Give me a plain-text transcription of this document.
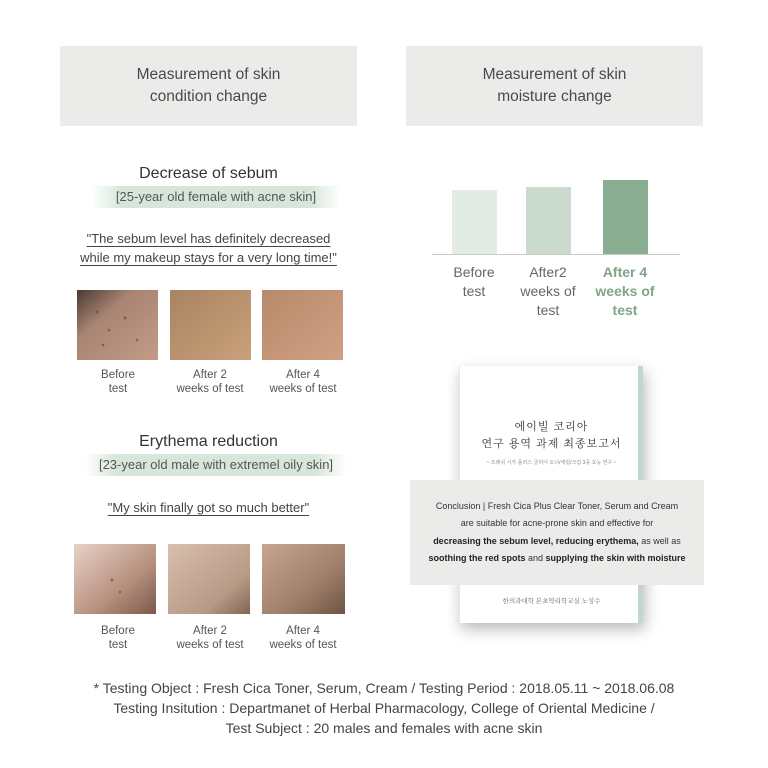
Measurement of skin
condition change
Measurement of skin
moisture change
Decrease of sebum
[25-year old female with acne skin]
"The sebum level has definitely decreased
while my makeup stays for a very long time!"
Before
test
After 2
weeks of test
After 4
weeks of test
Erythema reduction
[23-year old male with extremel oily skin]
"My skin finally got so much better"
Before
test
After 2
weeks of test
After 4
weeks of test
Before
test
After2
weeks of
test
After 4
weeks of
test
에이빌 코리아
연구 용역 과제 최종보고서
~ 프레쉬 시카 플러스 클리어 토너/세럼/크림 3종 효능 연구 ~
한의과대학 본초약리학교실 노성수
Conclusion | Fresh Cica Plus Clear Toner, Serum and Cream
are suitable for acne-prone skin and effective for
decreasing the sebum level, reducing erythema, as well as
soothing the red spots and supplying the skin with moisture
* Testing Object : Fresh Cica Toner, Serum, Cream / Testing Period : 2018.05.11 ~ 2018.06.08
Testing Insitution : Departmanet of Herbal Pharmacology, College of Oriental Medicine /
Test Subject : 20 males and females with acne skin
